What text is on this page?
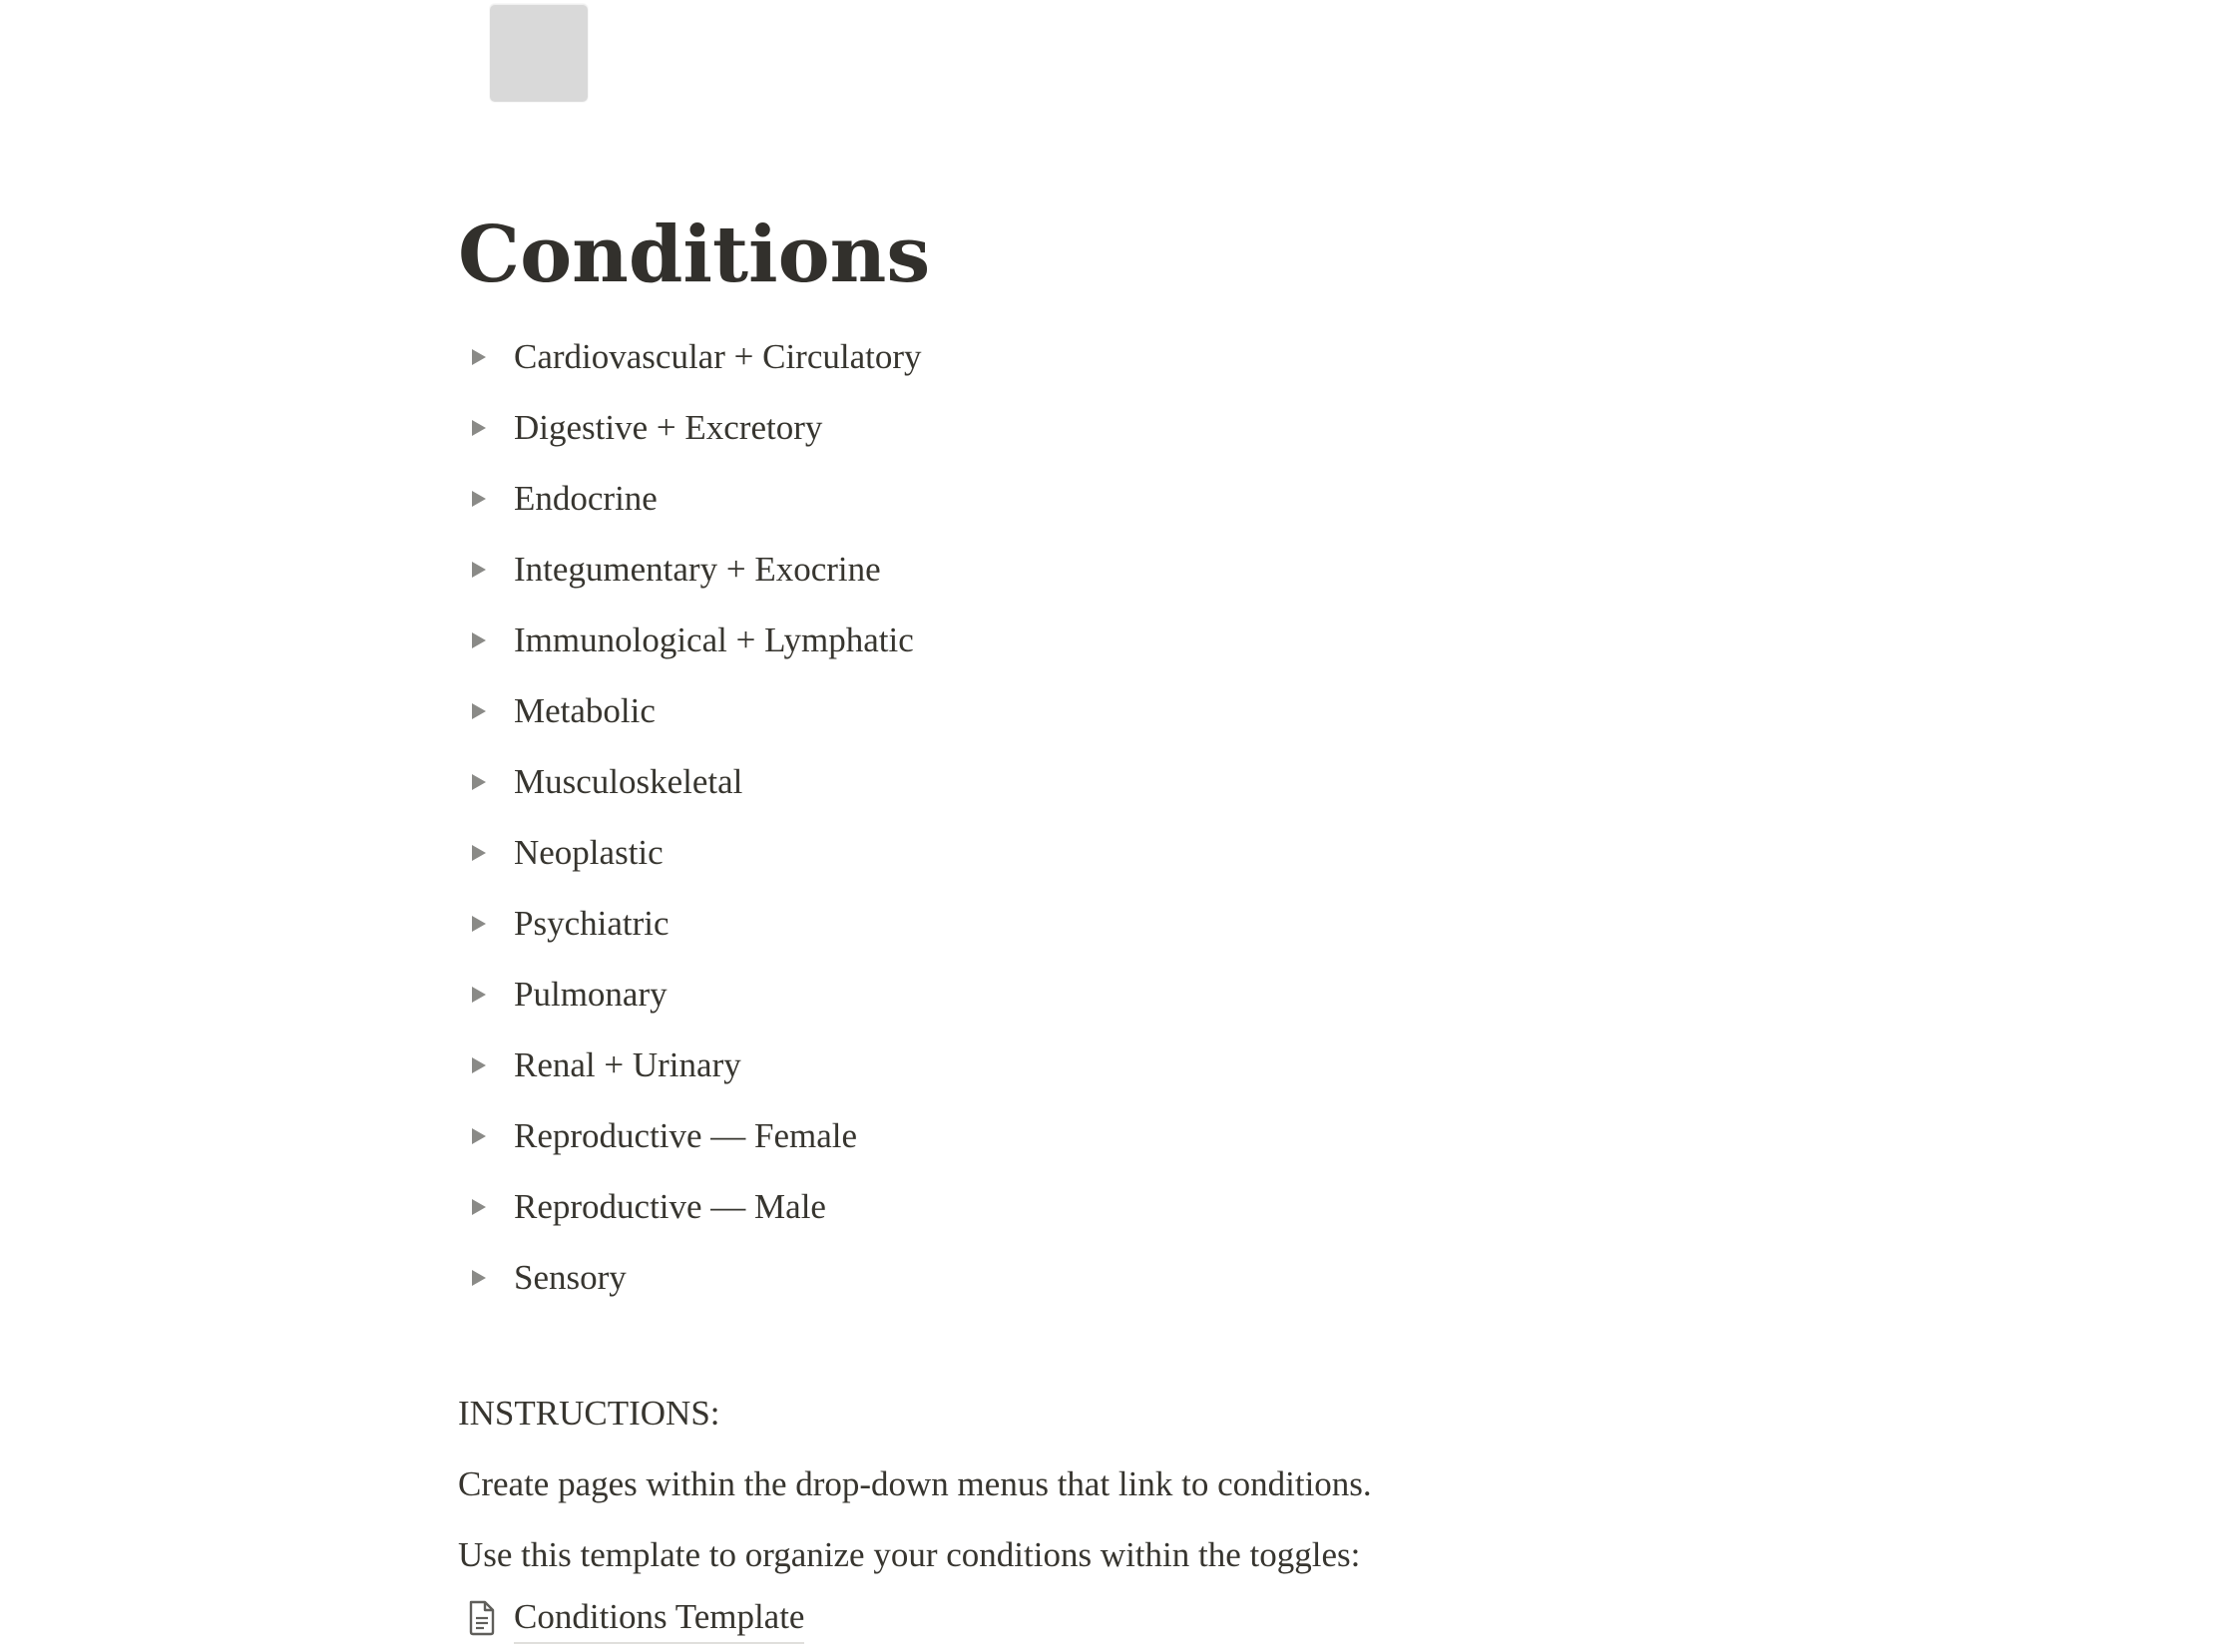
Conditions
Cardiovascular + Circulatory
Digestive + Excretory
Endocrine
Integumentary + Exocrine
Immunological + Lymphatic
Metabolic
Musculoskeletal
Neoplastic
Psychiatric
Pulmonary
Renal + Urinary
Reproductive — Female
Reproductive — Male
Sensory

INSTRUCTIONS:

Create pages within the drop-down menus that link to conditions.

Use this template to organize your conditions within the toggles:

Conditions Template
